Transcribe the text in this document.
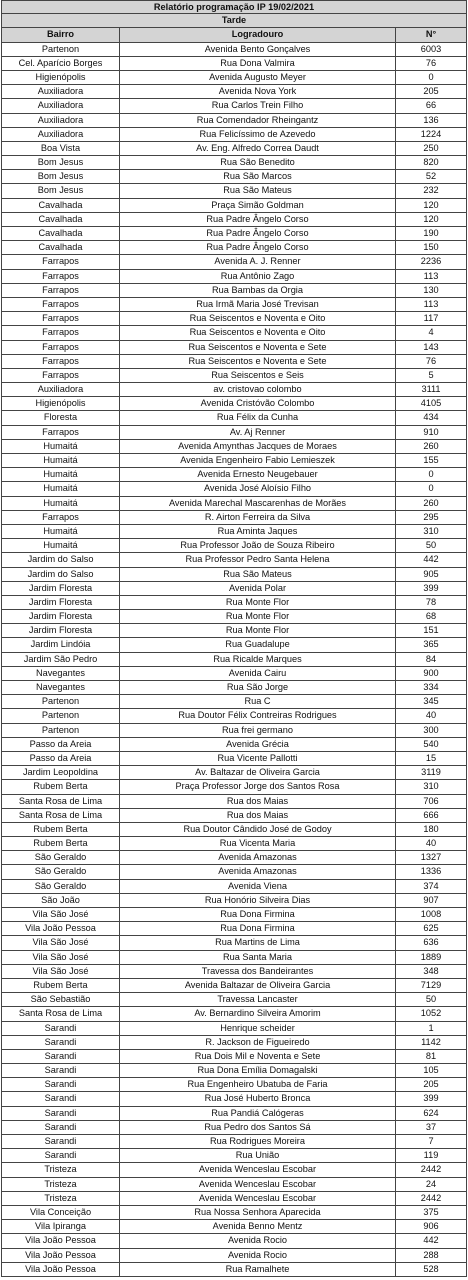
Relatório programação IP 19/02/2021
Tarde
Bairro	Logradouro	N°
Partenon	Avenida Bento Gonçalves	6003
Cel. Aparício Borges	Rua Dona Valmira	76
Higienópolis	Avenida Augusto Meyer	0
Auxiliadora	Avenida Nova York	205
Auxiliadora	Rua Carlos Trein Filho	66
Auxiliadora	Rua Comendador Rheingantz	136
Auxiliadora	Rua Felicíssimo de Azevedo	1224
Boa Vista	Av. Eng. Alfredo Correa Daudt	250
Bom Jesus	Rua São Benedito	820
Bom Jesus	Rua São Marcos	52
Bom Jesus	Rua São Mateus	232
Cavalhada	Praça Simão Goldman	120
Cavalhada	Rua Padre Ângelo Corso	120
Cavalhada	Rua Padre Ângelo Corso	190
Cavalhada	Rua Padre Ângelo Corso	150
Farrapos	Avenida A. J. Renner	2236
Farrapos	Rua Antônio Zago	113
Farrapos	Rua Bambas da Orgia	130
Farrapos	Rua Irmã Maria José Trevisan	113
Farrapos	Rua Seiscentos e Noventa e Oito	117
Farrapos	Rua Seiscentos e Noventa e Oito	4
Farrapos	Rua Seiscentos e Noventa e Sete	143
Farrapos	Rua Seiscentos e Noventa e Sete	76
Farrapos	Rua Seiscentos e Seis	5
Auxiliadora	av. cristovao colombo	3111
Higienópolis	Avenida Cristóvão Colombo	4105
Floresta	Rua Félix da Cunha	434
Farrapos	Av. Aj Renner	910
Humaitá	Avenida Amynthas Jacques de Moraes	260
Humaitá	Avenida Engenheiro Fabio Lemieszek	155
Humaitá	Avenida Ernesto Neugebauer	0
Humaitá	Avenida José Aloísio Filho	0
Humaitá	Avenida Marechal Mascarenhas de Morães	260
Farrapos	R. Airton Ferreira da Silva	295
Humaitá	Rua Aminta Jaques	310
Humaitá	Rua Professor João de Souza Ribeiro	50
Jardim do Salso	Rua Professor Pedro Santa Helena	442
Jardim do Salso	Rua São Mateus	905
Jardim Floresta	Avenida Polar	399
Jardim Floresta	Rua Monte Flor	78
Jardim Floresta	Rua Monte Flor	68
Jardim Floresta	Rua Monte Flor	151
Jardim Lindóia	Rua Guadalupe	365
Jardim São Pedro	Rua Ricalde Marques	84
Navegantes	Avenida Cairu	900
Navegantes	Rua São Jorge	334
Partenon	Rua C	345
Partenon	Rua Doutor Félix Contreiras Rodrigues	40
Partenon	Rua frei germano	300
Passo da Areia	Avenida Grécia	540
Passo da Areia	Rua Vicente Pallotti	15
Jardim Leopoldina	Av. Baltazar de Oliveira Garcia	3119
Rubem Berta	Praça Professor Jorge dos Santos Rosa	310
Santa Rosa de Lima	Rua dos Maias	706
Santa Rosa de Lima	Rua dos Maias	666
Rubem Berta	Rua Doutor Cândido José de Godoy	180
Rubem Berta	Rua Vicenta Maria	40
São Geraldo	Avenida Amazonas	1327
São Geraldo	Avenida Amazonas	1336
São Geraldo	Avenida Viena	374
São João	Rua Honório Silveira Dias	907
Vila São José	Rua Dona Firmina	1008
Vila João Pessoa	Rua Dona Firmina	625
Vila São José	Rua Martins de Lima	636
Vila São José	Rua Santa Maria	1889
Vila São José	Travessa dos Bandeirantes	348
Rubem Berta	Avenida Baltazar de Oliveira Garcia	7129
São Sebastião	Travessa Lancaster	50
Santa Rosa de Lima	Av. Bernardino Silveira Amorim	1052
Sarandi	Henrique scheider	1
Sarandi	R. Jackson de Figueiredo	1142
Sarandi	Rua Dois Mil e Noventa e Sete	81
Sarandi	Rua Dona Emília Domagalski	105
Sarandi	Rua Engenheiro Ubatuba de Faria	205
Sarandi	Rua José Huberto Bronca	399
Sarandi	Rua Pandiá Calógeras	624
Sarandi	Rua Pedro dos Santos Sá	37
Sarandi	Rua Rodrigues Moreira	7
Sarandi	Rua União	119
Tristeza	Avenida Wenceslau Escobar	2442
Tristeza	Avenida Wenceslau Escobar	24
Tristeza	Avenida Wenceslau Escobar	2442
Vila Conceição	Rua Nossa Senhora Aparecida	375
Vila Ipiranga	Avenida Benno Mentz	906
Vila João Pessoa	Avenida Rocio	442
Vila João Pessoa	Avenida Rocio	288
Vila João Pessoa	Rua Ramalhete	528
